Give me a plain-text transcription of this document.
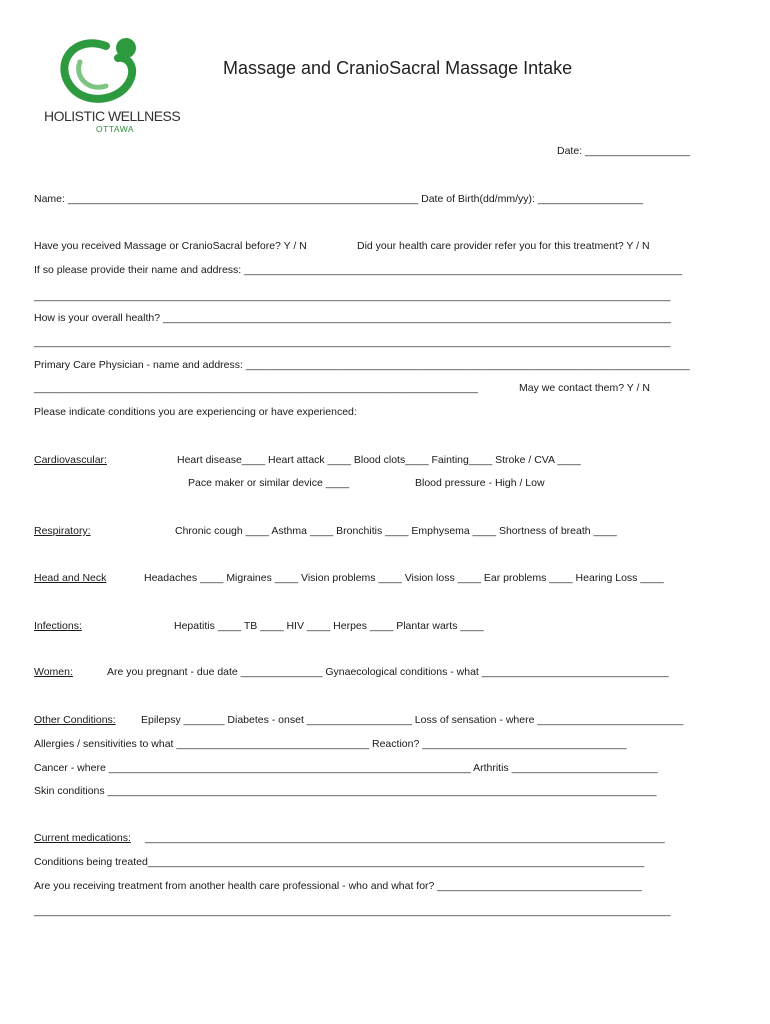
HOLISTIC WELLNESS
OTTAWA
Massage and CranioSacral Massage Intake
Date: __________________
Name: ____________________________________________________________ Date of Birth(dd/mm/yy): __________________
Have you received Massage or CranioSacral before? Y / N	Did your health care provider refer you for this treatment? Y / N
If so please provide their name and address: ___________________________________________________________________________
_____________________________________________________________________________________________________________
How is your overall health? _______________________________________________________________________________________
_____________________________________________________________________________________________________________
Primary Care Physician - name and address: ____________________________________________________________________________
____________________________________________________________________________	May we contact them? Y / N
Please indicate conditions you are experiencing or have experienced:
Cardiovascular:	Heart disease____ Heart attack ____ Blood clots____ Fainting____ Stroke / CVA ____
Pace maker or similar device ____	Blood pressure - High / Low
Respiratory:	Chronic cough ____ Asthma ____ Bronchitis ____ Emphysema ____ Shortness of breath ____
Head and Neck	Headaches ____ Migraines ____ Vision problems ____ Vision loss ____ Ear problems ____ Hearing Loss ____
Infections:	Hepatitis ____ TB ____ HIV ____ Herpes ____ Plantar warts ____
Women:	Are you pregnant - due date ______________ Gynaecological conditions - what ________________________________
Other Conditions: Epilepsy _______ Diabetes - onset __________________ Loss of sensation - where _________________________
Allergies / sensitivities to what _________________________________ Reaction? ___________________________________
Cancer - where ______________________________________________________________ Arthritis _________________________
Skin conditions ______________________________________________________________________________________________
Current medications: _________________________________________________________________________________________
Conditions being treated_____________________________________________________________________________________
Are you receiving treatment from another health care professional - who and what for? ___________________________________
_____________________________________________________________________________________________________________
